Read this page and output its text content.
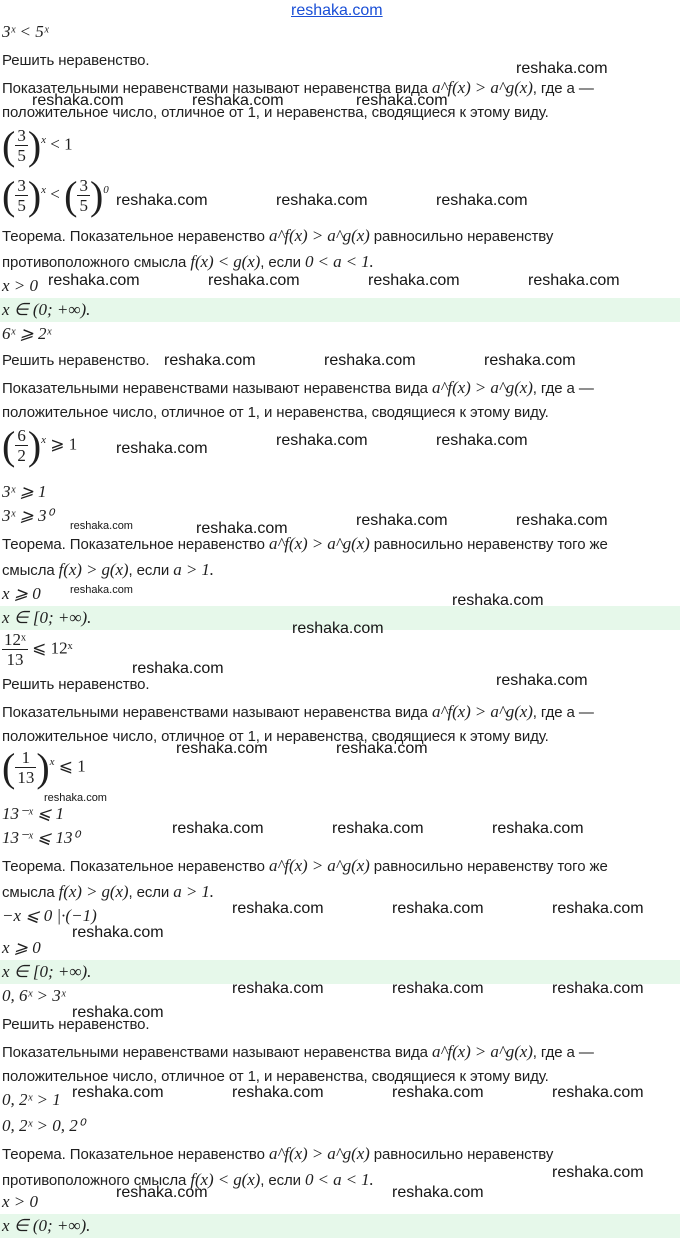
reshaka.com
3ˣ < 5ˣ
Решить неравенство.
Показательными неравенствами называют неравенства вида a^f(x) > a^g(x), где a —
положительное число, отличное от 1, и неравенства, сводящиеся к этому виду.
( $\frac{3}{5} )^x < 1$
( $\frac{3}{5} )^x$ < ( $\frac{3}{5} )^0$
Теорема. Показательное неравенство a^f(x) > a^g(x) равносильно неравенству
противоположного смысла f(x) < g(x), если 0 < a < 1.
x > 0
x ∈ (0; +∞).
6ˣ ⩾ 2ˣ
Решить неравенство.
Показательными неравенствами называют неравенства вида a^f(x) > a^g(x), где a —
положительное число, отличное от 1, и неравенства, сводящиеся к этому виду.
( $\frac{6}{2} )^x$ ⩾ 1
3ˣ ⩾ 1
3ˣ ⩾ 3⁰
Теорема. Показательное неравенство a^f(x) > a^g(x) равносильно неравенству того же
смысла f(x) > g(x), если a > 1.
x ⩾ 0
x ∈ [0; +∞).
$\frac{\text{12ˣ}}{13}$ ⩽ 12ˣ
Решить неравенство.
Показательными неравенствами называют неравенства вида a^f(x) > a^g(x), где a —
положительное число, отличное от 1, и неравенства, сводящиеся к этому виду.
( $\frac{1}{13} )^x$ ⩽ 1
13⁻ˣ ⩽ 1
13⁻ˣ ⩽ 13⁰
Теорема. Показательное неравенство a^f(x) > a^g(x) равносильно неравенству того же
смысла f(x) > g(x), если a > 1.
−x ⩽ 0 |·(−1)
x ⩾ 0
x ∈ [0; +∞).
0, 6ˣ > 3ˣ
Решить неравенство.
Показательными неравенствами называют неравенства вида a^f(x) > a^g(x), где a —
положительное число, отличное от 1, и неравенства, сводящиеся к этому виду.
0, 2ˣ > 1
0, 2ˣ > 0, 2⁰
Теорема. Показательное неравенство a^f(x) > a^g(x) равносильно неравенству
противоположного смысла f(x) < g(x), если 0 < a < 1.
x > 0
x ∈ (0; +∞).
reshaka.com
reshaka.com	reshaka.com	reshaka.com
reshaka.com	reshaka.com	reshaka.com
reshaka.com	reshaka.com	reshaka.com	reshaka.com
reshaka.com	reshaka.com	reshaka.com
reshaka.com	reshaka.com	reshaka.com
reshaka.com	reshaka.com	reshaka.com	reshaka.com
reshaka.com
reshaka.com
reshaka.com
reshaka.com
reshaka.com
reshaka.com	reshaka.com
reshaka.com
reshaka.com	reshaka.com	reshaka.com
reshaka.com	reshaka.com	reshaka.com
reshaka.com
reshaka.com	reshaka.com	reshaka.com
reshaka.com
reshaka.com	reshaka.com	reshaka.com	reshaka.com
reshaka.com
reshaka.com	reshaka.com
